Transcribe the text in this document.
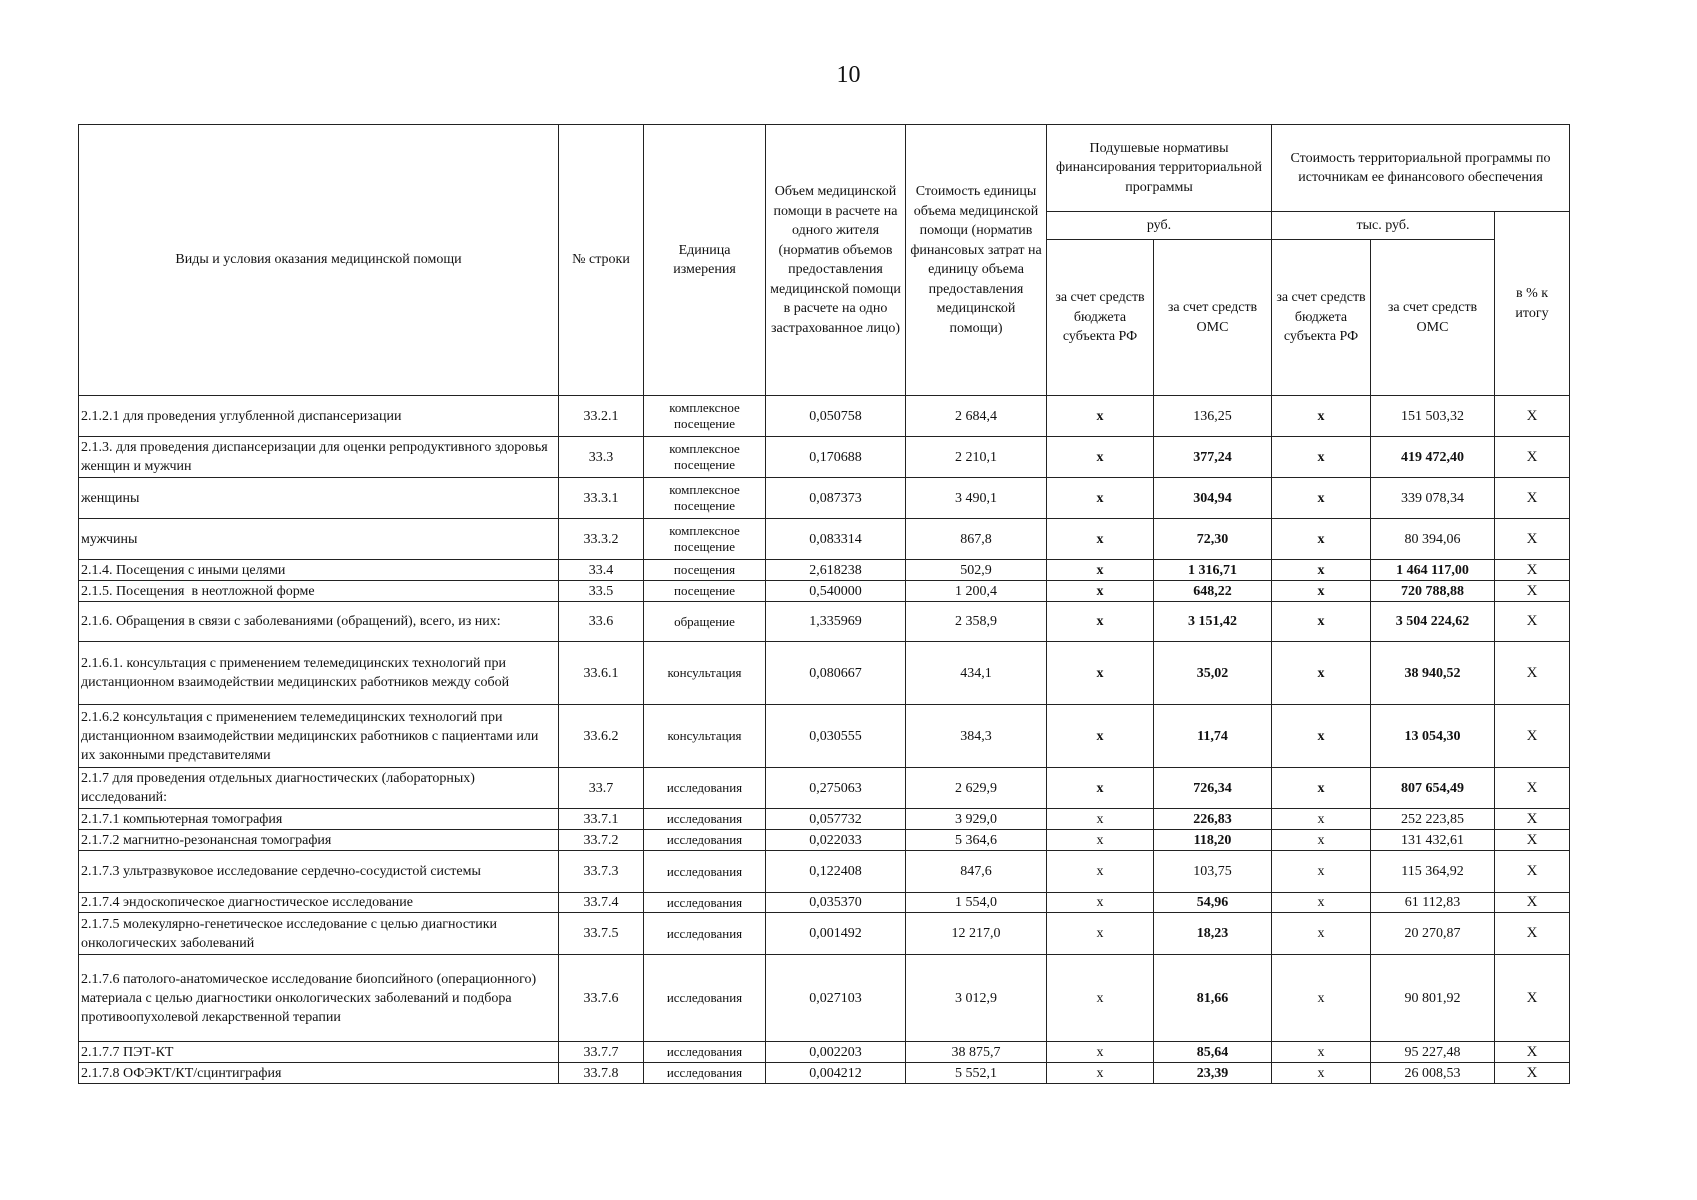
10
Виды и условия оказания медицинской помощи	№ строки	Единица измерения	Объем медицинской помощи в расчете на одного жителя (норматив объемов предоставления медицинской помощи в расчете на одно застрахованное лицо)	Стоимость единицы объема медицинской помощи (норматив финансовых затрат на единицу объема предоставления медицинской помощи)	Подушевые нормативы финансирования территориальной программы		Стоимость территориальной программы по источникам ее финансового обеспечения		
					руб.		тыс. руб.		в % к итогу
					за счет средств бюджета субъекта РФ	за счет средств ОМС	за счет средств бюджета субъекта РФ	за счет средств ОМС	
2.1.2.1 для проведения углубленной диспансеризации	33.2.1	комплексное посещение	0,050758	2 684,4	х	136,25	х	151 503,32	Х
2.1.3. для проведения диспансеризации для оценки репродуктивного здоровья женщин и мужчин	33.3	комплексное посещение	0,170688	2 210,1	х	377,24	х	419 472,40	Х
женщины	33.3.1	комплексное посещение	0,087373	3 490,1	х	304,94	х	339 078,34	Х
мужчины	33.3.2	комплексное посещение	0,083314	867,8	х	72,30	х	80 394,06	Х
2.1.4. Посещения с иными целями	33.4	посещения	2,618238	502,9	х	1 316,71	х	1 464 117,00	Х
2.1.5. Посещения  в неотложной форме	33.5	посещение	0,540000	1 200,4	х	648,22	х	720 788,88	Х
2.1.6. Обращения в связи с заболеваниями (обращений), всего, из них:	33.6	обращение	1,335969	2 358,9	х	3 151,42	х	3 504 224,62	Х
2.1.6.1. консультация с применением телемедицинских технологий при дистанционном взаимодействии медицинских работников между собой	33.6.1	консультация	0,080667	434,1	х	35,02	х	38 940,52	Х
2.1.6.2 консультация с применением телемедицинских технологий при дистанционном взаимодействии медицинских работников с пациентами или их законными представителями	33.6.2	консультация	0,030555	384,3	х	11,74	х	13 054,30	Х
2.1.7 для проведения отдельных диагностических (лабораторных) исследований:	33.7	исследования	0,275063	2 629,9	х	726,34	х	807 654,49	Х
2.1.7.1 компьютерная томография	33.7.1	исследования	0,057732	3 929,0	х	226,83	х	252 223,85	Х
2.1.7.2 магнитно-резонансная томография	33.7.2	исследования	0,022033	5 364,6	х	118,20	х	131 432,61	Х
2.1.7.3 ультразвуковое исследование сердечно-сосудистой системы	33.7.3	исследования	0,122408	847,6	х	103,75	х	115 364,92	Х
2.1.7.4 эндоскопическое диагностическое исследование	33.7.4	исследования	0,035370	1 554,0	х	54,96	х	61 112,83	Х
2.1.7.5 молекулярно-генетическое исследование с целью диагностики онкологических заболеваний	33.7.5	исследования	0,001492	12 217,0	х	18,23	х	20 270,87	Х
2.1.7.6 патолого-анатомическое исследование биопсийного (операционного) материала с целью диагностики онкологических заболеваний и подбора противоопухолевой лекарственной терапии	33.7.6	исследования	0,027103	3 012,9	х	81,66	х	90 801,92	Х
2.1.7.7 ПЭТ-КТ	33.7.7	исследования	0,002203	38 875,7	х	85,64	х	95 227,48	Х
2.1.7.8 ОФЭКТ/КТ/сцинтиграфия	33.7.8	исследования	0,004212	5 552,1	х	23,39	х	26 008,53	Х
